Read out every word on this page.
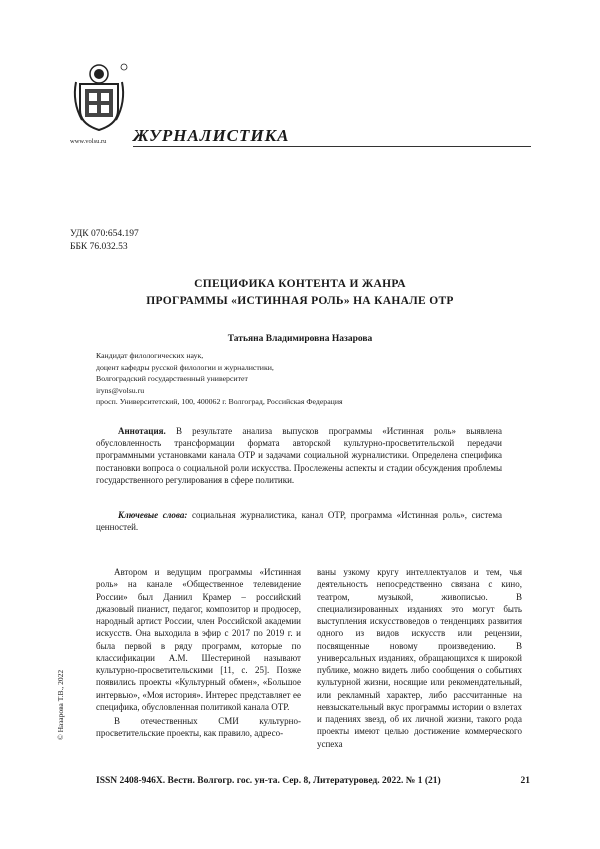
www.volsu.ru ЖУРНАЛИСТИКА
УДК 070:654.197
ББК 76.032.53
СПЕЦИФИКА КОНТЕНТА И ЖАНРА
ПРОГРАММЫ «ИСТИННАЯ РОЛЬ» НА КАНАЛЕ ОТР
Татьяна Владимировна Назарова
Кандидат филологических наук,
доцент кафедры русской филологии и журналистики,
Волгоградский государственный университет
iryns@volsu.ru
просп. Университетский, 100, 400062 г. Волгоград, Российская Федерация
Аннотация. В результате анализа выпусков программы «Истинная роль» выявлена обусловленность трансформации формата авторской культурно-просветительской передачи программными установками канала ОТР и задачами социальной журналистики. Определена специфика постановки вопроса о социальной роли искусства. Прослежены аспекты и стадии обсуждения проблемы государственного регулирования в сфере политики.
Ключевые слова: социальная журналистика, канал ОТР, программа «Истинная роль», система ценностей.

Автором и ведущим программы «Истинная роль» на канале «Общественное телевидение России» был Даниил Крамер – российский джазовый пианист, педагог, композитор и продюсер, народный артист России, член Российской академии искусств. Она выходила в эфир с 2017 по 2019 г. и была первой в ряду программ, которые по классификации А.М. Шестериной называют культурно-просветительскими [11, с. 25]. Позже появились проекты «Культурный обмен», «Большое интервью», «Моя история». Интерес представляет ее специфика, обусловленная политикой канала ОТР.

В отечественных СМИ культурно-просветительские проекты, как правило, адресо-

ваны узкому кругу интеллектуалов и тем, чья деятельность непосредственно связана с кино, театром, музыкой, живописью. В специализированных изданиях это могут быть выступления искусствоведов о тенденциях развития одного из видов искусств или рецензии, посвященные новому произведению. В универсальных изданиях, обращающихся к широкой публике, можно видеть либо сообщения о событиях культурной жизни, носящие или рекомендательный, или рекламный характер, либо рассчитанные на невзыскательный вкус программы истории о взлетах и падениях звезд, об их личной жизни, такого рода проекты имеют целью достижение коммерческого успеха

© Назарова Т.В., 2022
ISSN 2408-946Х. Вестн. Волгогр. гос. ун-та. Сер. 8, Литературовед. 2022. № 1 (21)	21
